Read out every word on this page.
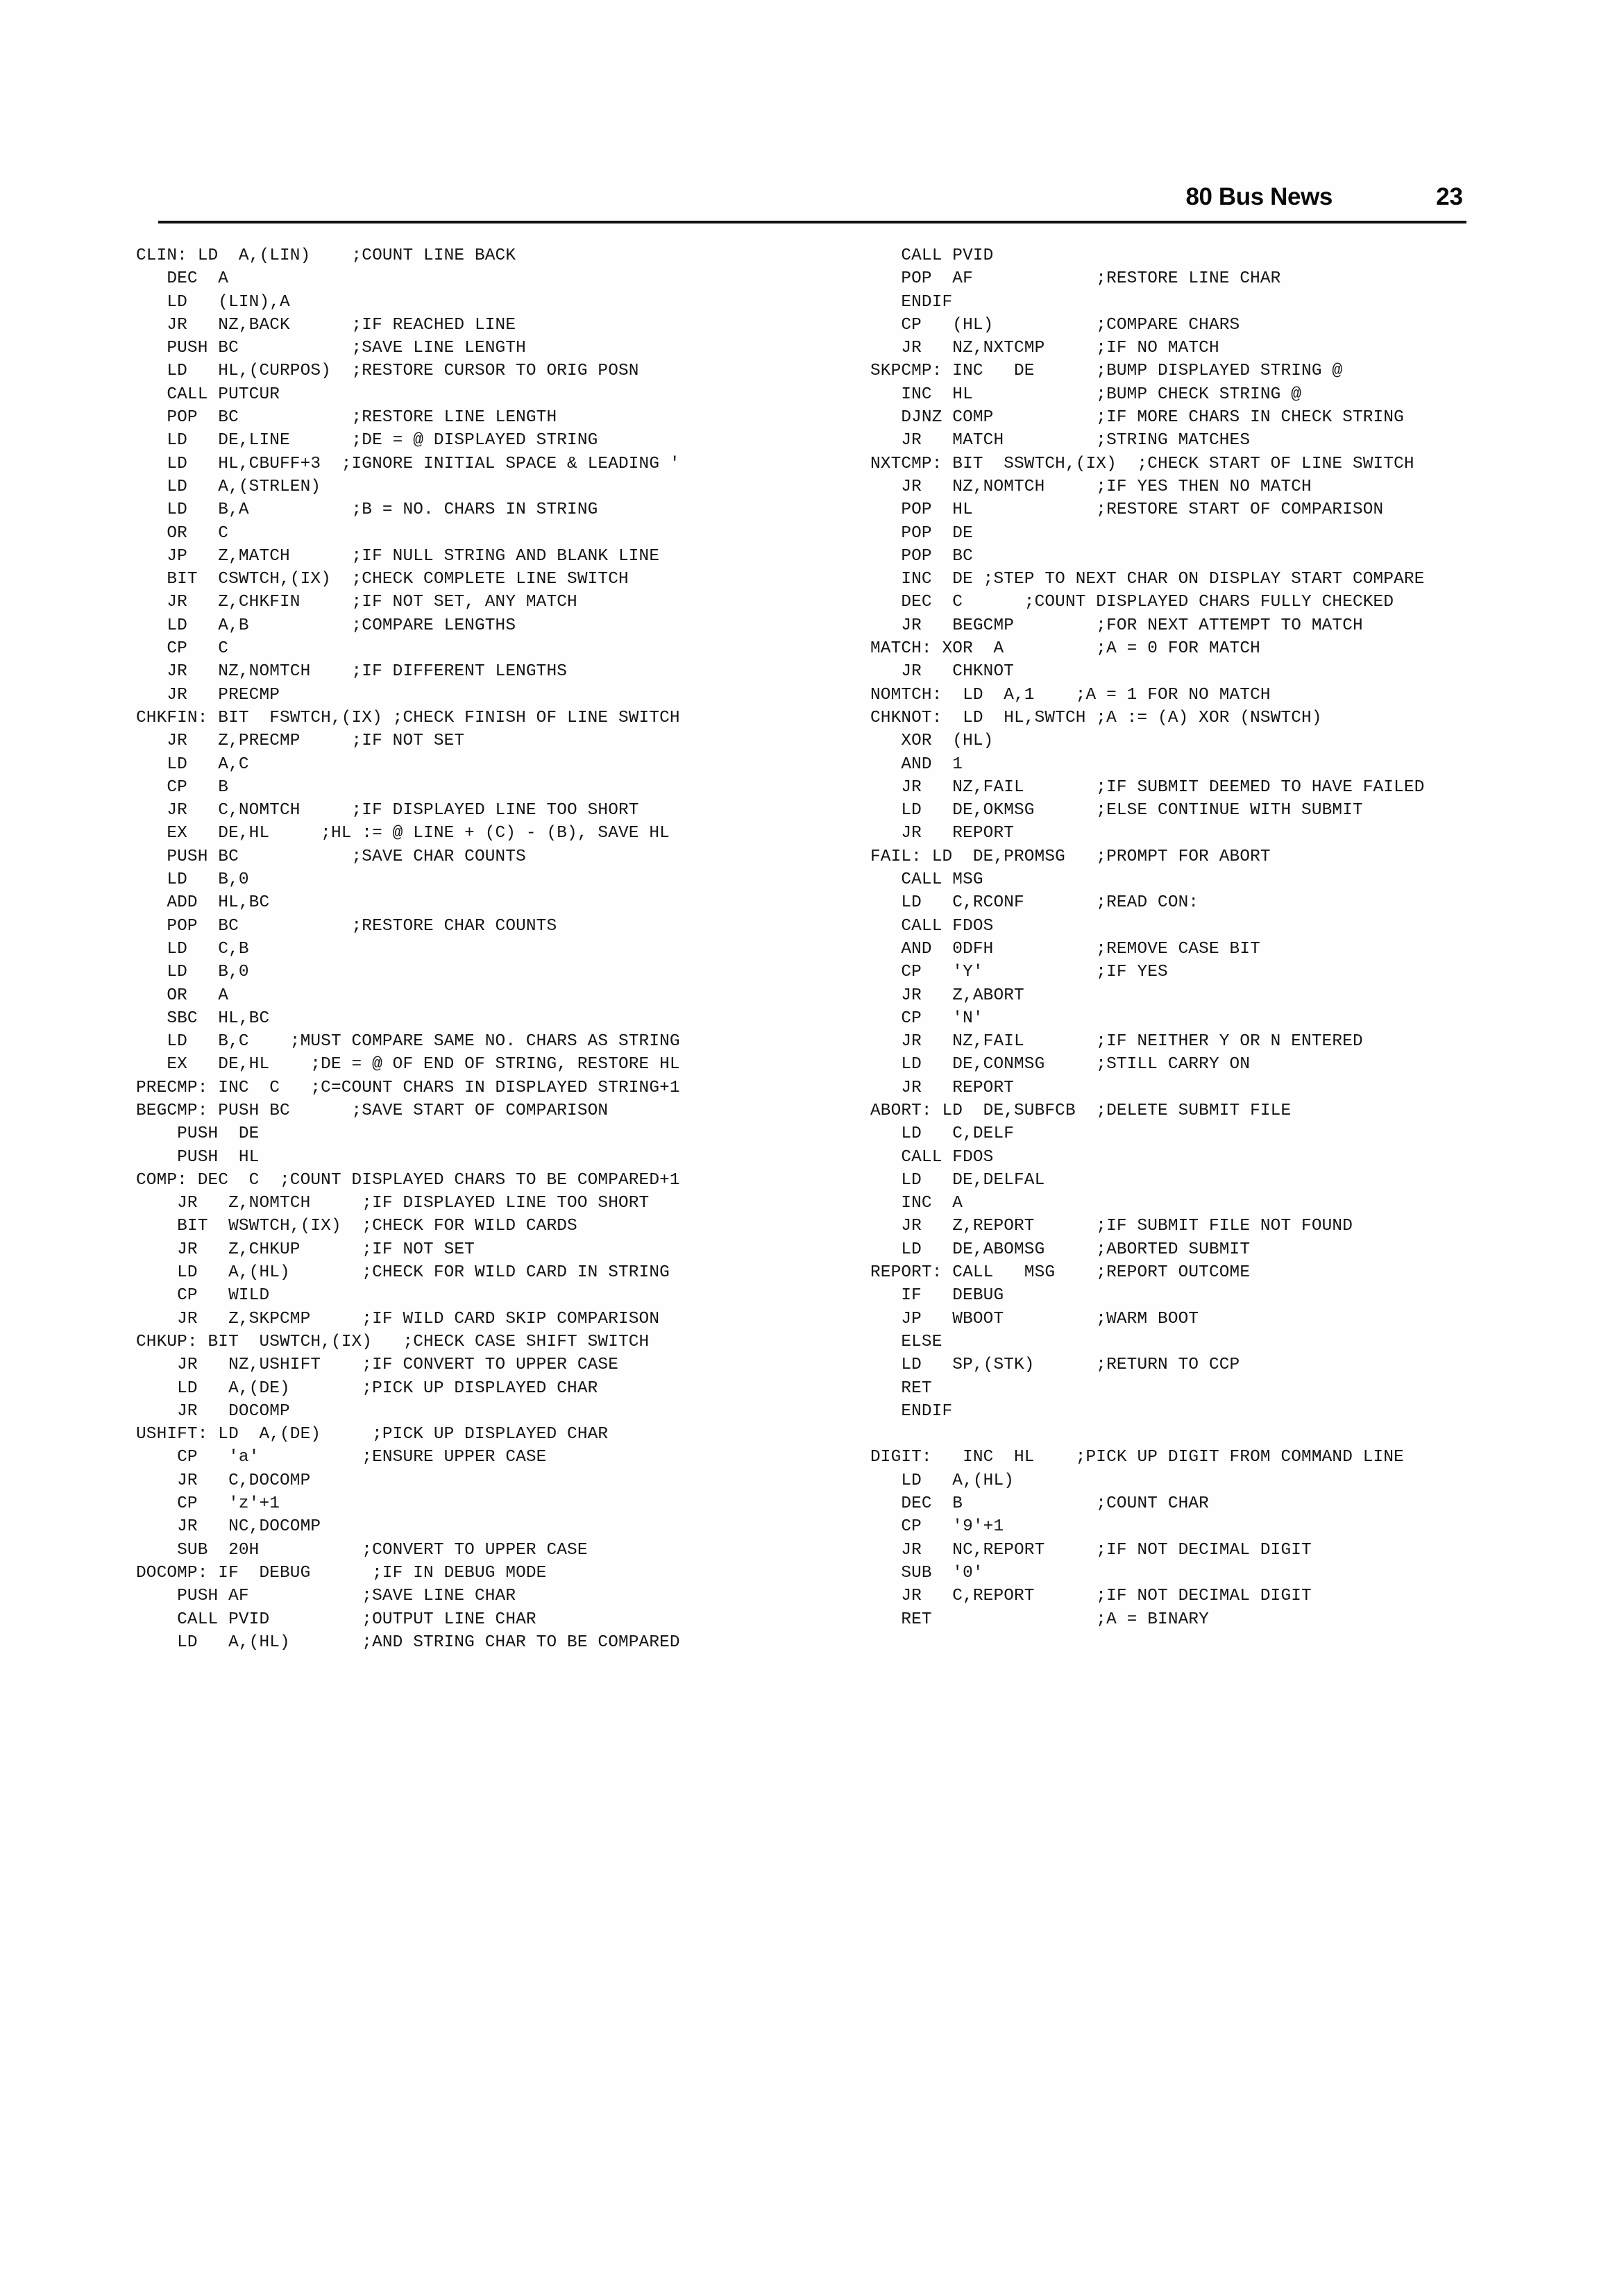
80 Bus News	23
CLIN: LD  A,(LIN)    ;COUNT LINE BACK
DEC  A
LD   (LIN),A
JR   NZ,BACK      ;IF REACHED LINE
PUSH BC           ;SAVE LINE LENGTH
LD   HL,(CURPOS)  ;RESTORE CURSOR TO ORIG POSN
CALL PUTCUR
POP  BC           ;RESTORE LINE LENGTH
LD   DE,LINE      ;DE = @ DISPLAYED STRING
LD   HL,CBUFF+3  ;IGNORE INITIAL SPACE & LEADING '
LD   A,(STRLEN)
LD   B,A          ;B = NO. CHARS IN STRING
OR   C
JP   Z,MATCH      ;IF NULL STRING AND BLANK LINE
BIT  CSWTCH,(IX)  ;CHECK COMPLETE LINE SWITCH
JR   Z,CHKFIN     ;IF NOT SET, ANY MATCH
LD   A,B          ;COMPARE LENGTHS
CP   C
JR   NZ,NOMTCH    ;IF DIFFERENT LENGTHS
JR   PRECMP
CHKFIN: BIT  FSWTCH,(IX) ;CHECK FINISH OF LINE SWITCH
JR   Z,PRECMP     ;IF NOT SET
LD   A,C
CP   B
JR   C,NOMTCH     ;IF DISPLAYED LINE TOO SHORT
EX   DE,HL     ;HL := @ LINE + (C) - (B), SAVE HL
PUSH BC           ;SAVE CHAR COUNTS
LD   B,0
ADD  HL,BC
POP  BC           ;RESTORE CHAR COUNTS
LD   C,B
LD   B,0
OR   A
SBC  HL,BC
LD   B,C    ;MUST COMPARE SAME NO. CHARS AS STRING
EX   DE,HL    ;DE = @ OF END OF STRING, RESTORE HL
PRECMP: INC  C   ;C=COUNT CHARS IN DISPLAYED STRING+1
BEGCMP: PUSH BC      ;SAVE START OF COMPARISON
PUSH  DE
PUSH  HL
COMP: DEC  C  ;COUNT DISPLAYED CHARS TO BE COMPARED+1
JR   Z,NOMTCH     ;IF DISPLAYED LINE TOO SHORT
BIT  WSWTCH,(IX)  ;CHECK FOR WILD CARDS
JR   Z,CHKUP      ;IF NOT SET
LD   A,(HL)       ;CHECK FOR WILD CARD IN STRING
CP   WILD
JR   Z,SKPCMP     ;IF WILD CARD SKIP COMPARISON
CHKUP: BIT  USWTCH,(IX)   ;CHECK CASE SHIFT SWITCH
JR   NZ,USHIFT    ;IF CONVERT TO UPPER CASE
LD   A,(DE)       ;PICK UP DISPLAYED CHAR
JR   DOCOMP
USHIFT: LD  A,(DE)     ;PICK UP DISPLAYED CHAR
CP   'a'          ;ENSURE UPPER CASE
JR   C,DOCOMP
CP   'z'+1
JR   NC,DOCOMP
SUB  20H          ;CONVERT TO UPPER CASE
DOCOMP: IF  DEBUG      ;IF IN DEBUG MODE
PUSH AF           ;SAVE LINE CHAR
CALL PVID         ;OUTPUT LINE CHAR
LD   A,(HL)       ;AND STRING CHAR TO BE COMPARED
CALL PVID
POP  AF            ;RESTORE LINE CHAR
ENDIF
CP   (HL)          ;COMPARE CHARS
JR   NZ,NXTCMP     ;IF NO MATCH
SKPCMP: INC   DE      ;BUMP DISPLAYED STRING @
INC  HL            ;BUMP CHECK STRING @
DJNZ COMP          ;IF MORE CHARS IN CHECK STRING
JR   MATCH         ;STRING MATCHES
NXTCMP: BIT  SSWTCH,(IX)  ;CHECK START OF LINE SWITCH
JR   NZ,NOMTCH     ;IF YES THEN NO MATCH
POP  HL            ;RESTORE START OF COMPARISON
POP  DE
POP  BC
INC  DE ;STEP TO NEXT CHAR ON DISPLAY START COMPARE
DEC  C      ;COUNT DISPLAYED CHARS FULLY CHECKED
JR   BEGCMP        ;FOR NEXT ATTEMPT TO MATCH
MATCH: XOR  A         ;A = 0 FOR MATCH
JR   CHKNOT
NOMTCH:  LD  A,1    ;A = 1 FOR NO MATCH
CHKNOT:  LD  HL,SWTCH ;A := (A) XOR (NSWTCH)
XOR  (HL)
AND  1
JR   NZ,FAIL       ;IF SUBMIT DEEMED TO HAVE FAILED
LD   DE,OKMSG      ;ELSE CONTINUE WITH SUBMIT
JR   REPORT
FAIL: LD  DE,PROMSG   ;PROMPT FOR ABORT
CALL MSG
LD   C,RCONF       ;READ CON:
CALL FDOS
AND  0DFH          ;REMOVE CASE BIT
CP   'Y'           ;IF YES
JR   Z,ABORT
CP   'N'
JR   NZ,FAIL       ;IF NEITHER Y OR N ENTERED
LD   DE,CONMSG     ;STILL CARRY ON
JR   REPORT
ABORT: LD  DE,SUBFCB  ;DELETE SUBMIT FILE
LD   C,DELF
CALL FDOS
LD   DE,DELFAL
INC  A
JR   Z,REPORT      ;IF SUBMIT FILE NOT FOUND
LD   DE,ABOMSG     ;ABORTED SUBMIT
REPORT: CALL   MSG    ;REPORT OUTCOME
IF   DEBUG
JP   WBOOT         ;WARM BOOT
ELSE
LD   SP,(STK)      ;RETURN TO CCP
RET
ENDIF

DIGIT:   INC  HL    ;PICK UP DIGIT FROM COMMAND LINE
LD   A,(HL)
DEC  B             ;COUNT CHAR
CP   '9'+1
JR   NC,REPORT     ;IF NOT DECIMAL DIGIT
SUB  '0'
JR   C,REPORT      ;IF NOT DECIMAL DIGIT
RET                ;A = BINARY
